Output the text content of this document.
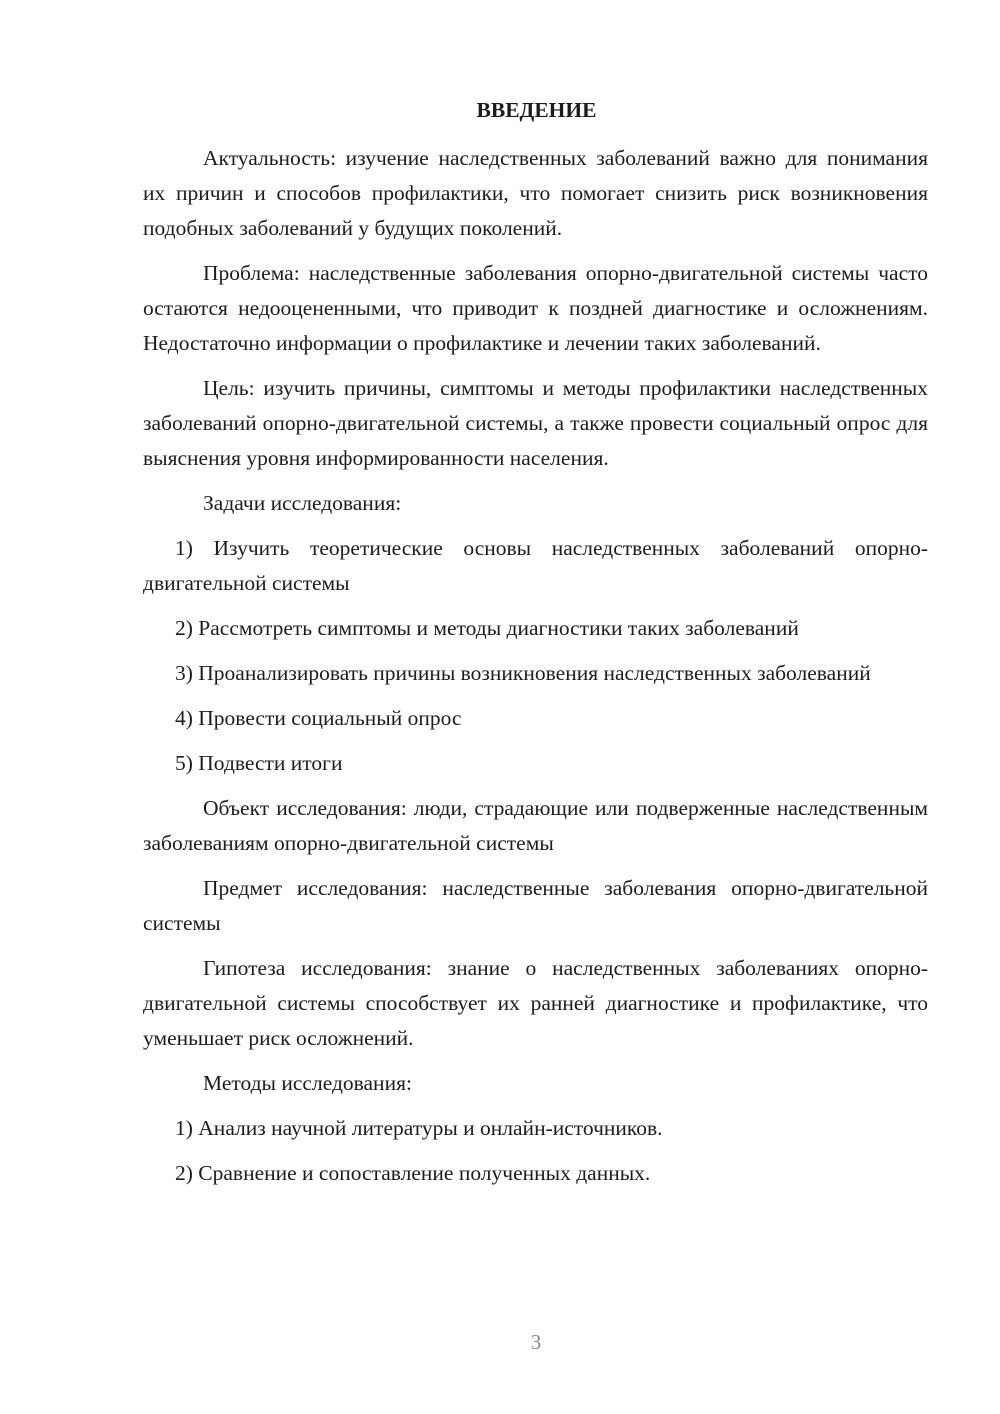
ВВЕДЕНИЕ

Актуальность: изучение наследственных заболеваний важно для понимания их причин и способов профилактики, что помогает снизить риск возникновения подобных заболеваний у будущих поколений.

Проблема: наследственные заболевания опорно-двигательной системы часто остаются недооцененными, что приводит к поздней диагностике и осложнениям. Недостаточно информации о профилактике и лечении таких заболеваний.

Цель: изучить причины, симптомы и методы профилактики наследственных заболеваний опорно-двигательной системы, а также провести социальный опрос для выяснения уровня информированности населения.

Задачи исследования:

1) Изучить теоретические основы наследственных заболеваний опорно-двигательной системы

2) Рассмотреть симптомы и методы диагностики таких заболеваний

3) Проанализировать причины возникновения наследственных заболеваний

4) Провести социальный опрос

5) Подвести итоги

Объект исследования: люди, страдающие или подверженные наследственным заболеваниям опорно-двигательной системы

Предмет исследования: наследственные заболевания опорно-двигательной системы

Гипотеза исследования: знание о наследственных заболеваниях опорно-двигательной системы способствует их ранней диагностике и профилактике, что уменьшает риск осложнений.

Методы исследования:

1) Анализ научной литературы и онлайн-источников.

2) Сравнение и сопоставление полученных данных.

3
